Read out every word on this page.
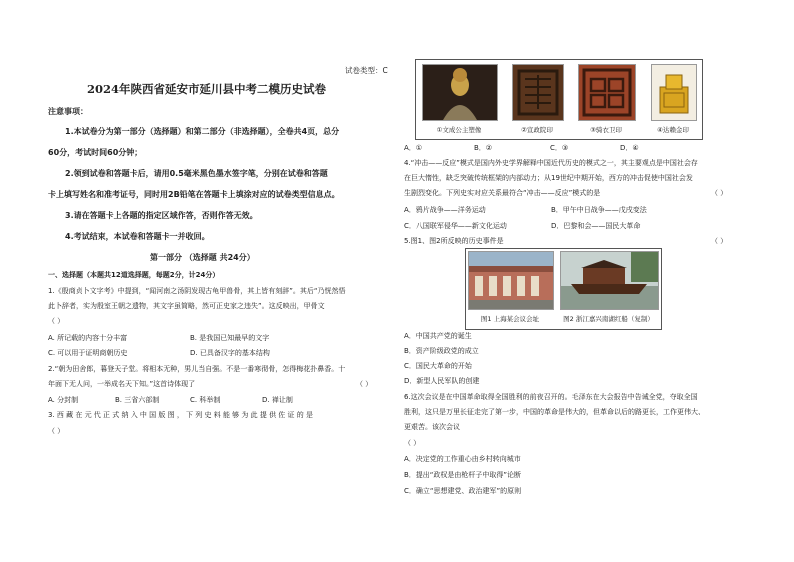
试卷类型：C
2024年陕西省延安市延川县中考二模历史试卷
注意事项：
1.本试卷分为第一部分（选择题）和第二部分（非选择题），全卷共4页，总分
60分，考试时间60分钟；
2.领到试卷和答题卡后，请用0.5毫米黑色墨水签字笔，分别在试卷和答题
卡上填写姓名和准考证号，同时用2B铅笔在答题卡上填涂对应的试卷类型信息点。
3.请在答题卡上各题的指定区域作答，否则作答无效。
4.考试结束，本试卷和答题卡一并收回。
第一部分 （选择题 共24分）
一、选择题（本题共12道选择题，每题2分，计24分）
1.《殷商贞卜文字考》中提到，“闻河南之汤阴发现古龟甲兽骨，其上皆有刻辞”。其后“乃恍然悟
此卜辞者，实为殷室王朝之遗物，其文字虽简略，然可正史家之违失”。这反映出，甲骨文
（ ）
A. 所记载的内容十分丰富	B. 是我国已知最早的文字
C. 可以用于证明商朝历史	D. 已具备汉字的基本结构
2.“朝为田舍郎，暮登天子堂。将相本无种，男儿当自强。不是一番寒彻骨，怎得梅花扑鼻香。十
年面下无人问，一举成名天下知。”这首诗体现了	（ ）
A. 分封制	B. 三省六部制	C. 科举制	D. 禅让制
3. 西 藏 在 元 代 正 式 纳 入 中 国 版 图 ， 下 列 史 料 能 够 为 此 提 供 佐 证 的 是
（ ）
①文成公主塑像	②宣政院印	③骑衣卫印	④达赖金印
A．①	B．②	C．③	D．④
4.“冲击——反应”模式是国内外史学界解释中国近代历史的模式之一，其主要观点是中国社会存
在巨大惰性，缺乏突破传统框架的内部动力；从19世纪中期开始，西方的冲击促使中国社会发
生剧烈变化。下列史实对应关系最符合“冲击——反应”模式的是	（ ）
A．鸦片战争——洋务运动	B．甲午中日战争——戊戌变法
C．八国联军侵华——新文化运动	D．巴黎和会——国民大革命
5.图1、图2所反映的历史事件是	（ ）
图1 上海某会议会址	图2 浙江嘉兴南湖红船（复制）
A．中国共产党的诞生
B．资产阶级政党的成立
C．国民大革命的开始
D．新型人民军队的创建
6.这次会议是在中国革命取得全国胜利的前夜召开的。毛泽东在大会报告中告诫全党，夺取全国
胜利，这只是万里长征走完了第一步，中国的革命是伟大的，但革命以后的路更长，工作更伟大、
更艰苦。该次会议
（ ）
A．决定党的工作重心由乡村转向城市
B．提出“政权是由枪杆子中取得”论断
C．确立“思想建党、政治建军”的原则
